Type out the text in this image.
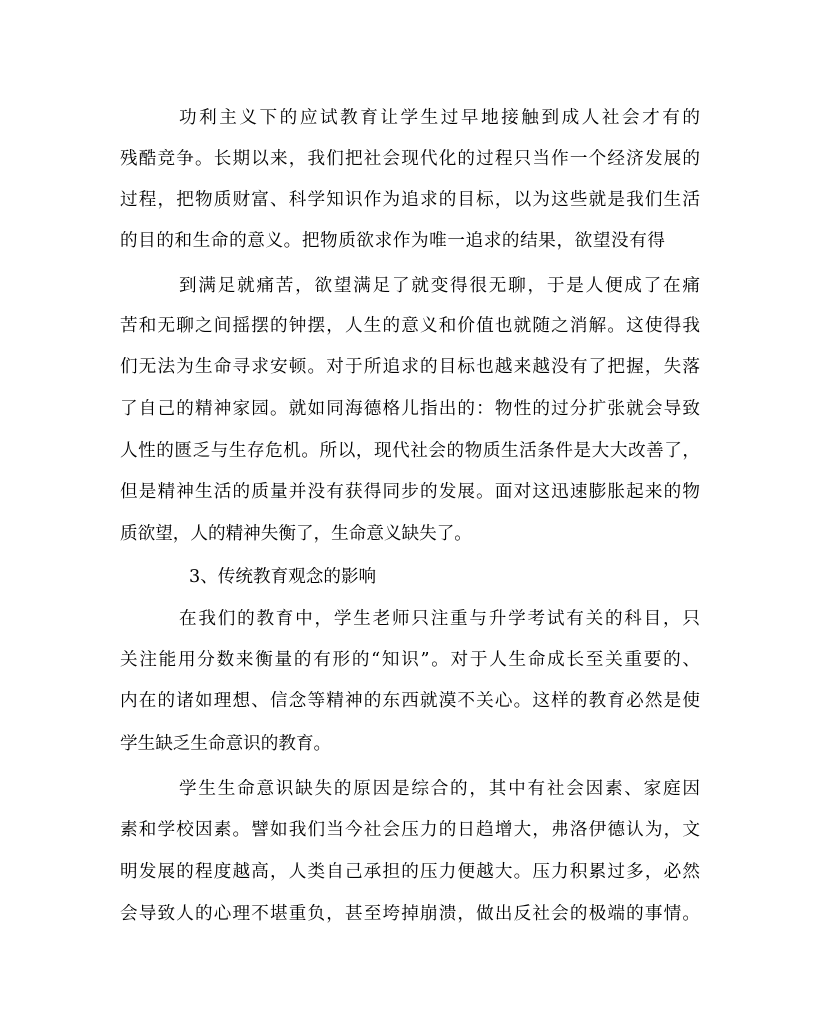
功利主义下的应试教育让学生过早地接触到成人社会才有的
残酷竞争。长期以来，我们把社会现代化的过程只当作一个经济发展的
过程，把物质财富、科学知识作为追求的目标，以为这些就是我们生活
的目的和生命的意义。把物质欲求作为唯一追求的结果，欲望没有得
到满足就痛苦，欲望满足了就变得很无聊，于是人便成了在痛
苦和无聊之间摇摆的钟摆，人生的意义和价值也就随之消解。这使得我
们无法为生命寻求安顿。对于所追求的目标也越来越没有了把握，失落
了自己的精神家园。就如同海德格儿指出的：物性的过分扩张就会导致
人性的匮乏与生存危机。所以，现代社会的物质生活条件是大大改善了，
但是精神生活的质量并没有获得同步的发展。面对这迅速膨胀起来的物
质欲望，人的精神失衡了，生命意义缺失了。
3、传统教育观念的影响
在我们的教育中，学生老师只注重与升学考试有关的科目，只
关注能用分数来衡量的有形的“知识”。对于人生命成长至关重要的、
内在的诸如理想、信念等精神的东西就漠不关心。这样的教育必然是使
学生缺乏生命意识的教育。
学生生命意识缺失的原因是综合的，其中有社会因素、家庭因
素和学校因素。譬如我们当今社会压力的日趋增大，弗洛伊德认为，文
明发展的程度越高，人类自己承担的压力便越大。压力积累过多，必然
会导致人的心理不堪重负，甚至垮掉崩溃，做出反社会的极端的事情。
